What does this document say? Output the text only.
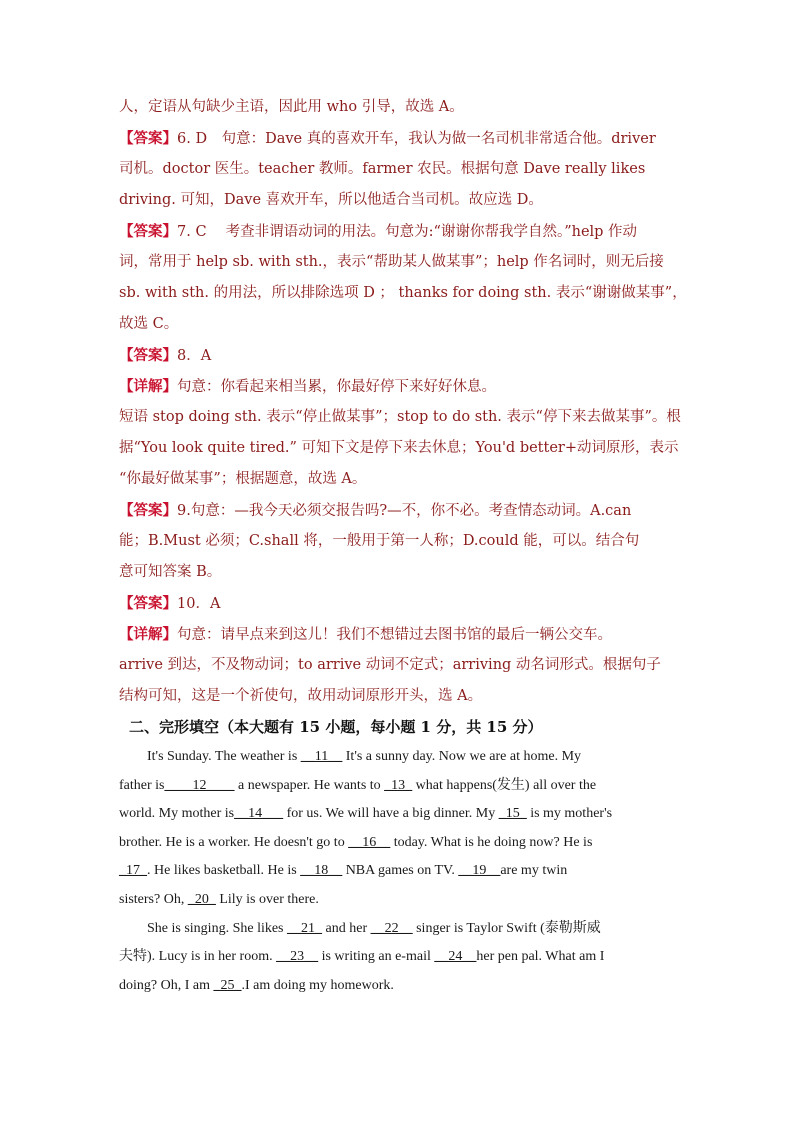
人，定语从句缺少主语，因此用 who 引导，故选 A。
【答案】6. D　句意：Dave 真的喜欢开车，我认为做一名司机非常适合他。driver
司机。doctor 医生。teacher 教师。farmer 农民。根据句意 Dave really likes
driving. 可知，Dave 喜欢开车，所以他适合当司机。故应选 D。
【答案】7. C　 考查非谓语动词的用法。句意为:“谢谢你帮我学自然。”help 作动
词，常用于 help sb. with sth.，表示“帮助某人做某事”；help 作名词时，则无后接
sb. with sth. 的用法，所以排除选项 D ； thanks for doing sth. 表示“谢谢做某事”，
故选 C。
【答案】8．A
【详解】句意：你看起来相当累，你最好停下来好好休息。
短语 stop doing sth. 表示“停止做某事”；stop to do sth. 表示“停下来去做某事”。根
据“You look quite tired.” 可知下文是停下来去休息；You'd better+动词原形，表示
“你最好做某事”；根据题意，故选 A。
【答案】9.句意：—我今天必须交报告吗?—不，你不必。考查情态动词。A.can
能；B.Must 必须；C.shall 将，一般用于第一人称；D.could 能，可以。结合句
意可知答案 B。
【答案】10．A
【详解】句意：请早点来到这儿！我们不想错过去图书馆的最后一辆公交车。
arrive 到达，不及物动词；to arrive 动词不定式；arriving 动名词形式。根据句子
结构可知，这是一个祈使句，故用动词原形开头，选 A。
二、完形填空（本大题有 15 小题，每小题 1 分，共 15 分）
It's Sunday. The weather is __11__ It's a sunny day. Now we are at home. My
father is____12____ a newspaper. He wants to _13_ what happens(发生) all over the
world. My mother is__14___ for us. We will have a big dinner. My _15_ is my mother's
brother. He is a worker. He doesn't go to __16__ today. What is he doing now? He is
_17_. He likes basketball. He is __18__ NBA games on TV. __19__are my twin
sisters? Oh, _20_ Lily is over there.
She is singing. She likes __21_ and her __22__ singer is Taylor Swift (泰勒斯威
夫特). Lucy is in her room. __23__ is writing an e-mail __24__her pen pal. What am I
doing? Oh, I am _25_.I am doing my homework.
